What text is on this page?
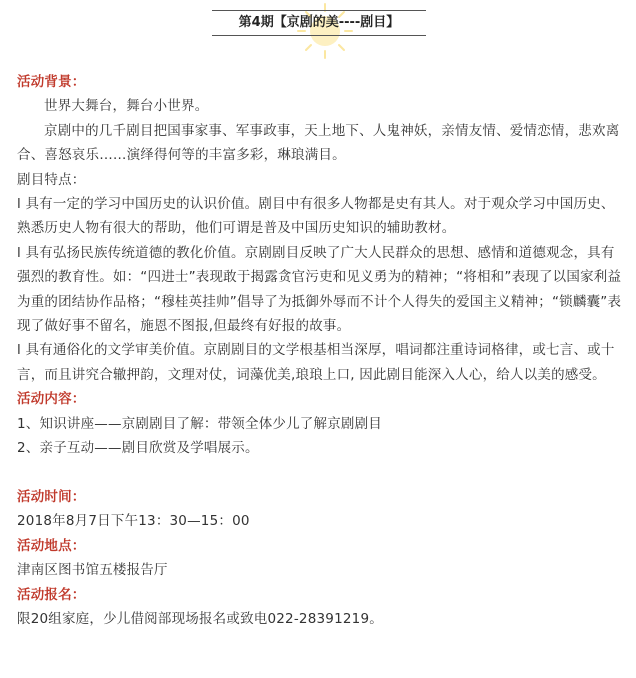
第4期【京剧的美----剧目】

活动背景：

世界大舞台，舞台小世界。

京剧中的几千剧目把国事家事、军事政事，天上地下、人鬼神妖，亲情友情、爱情恋情，悲欢离合、喜怒哀乐……演绎得何等的丰富多彩，琳琅满目。

剧目特点：

l 具有一定的学习中国历史的认识价值。剧目中有很多人物都是史有其人。对于观众学习中国历史、熟悉历史人物有很大的帮助，他们可谓是普及中国历史知识的辅助教材。

l 具有弘扬民族传统道德的教化价值。京剧剧目反映了广大人民群众的思想、感情和道德观念，具有强烈的教育性。如：“四进士”表现敢于揭露贪官污吏和见义勇为的精神；“将相和”表现了以国家利益为重的团结协作品格；“穆桂英挂帅”倡导了为抵御外辱而不计个人得失的爱国主义精神；“锁麟囊”表现了做好事不留名，施恩不图报,但最终有好报的故事。

l 具有通俗化的文学审美价值。京剧剧目的文学根基相当深厚，唱词都注重诗词格律，或七言、或十言，而且讲究合辙押韵，文理对仗，词藻优美,琅琅上口, 因此剧目能深入人心，给人以美的感受。

活动内容：

1、知识讲座——京剧剧目了解：带领全体少儿了解京剧剧目

2、亲子互动——剧目欣赏及学唱展示。

活动时间：

2018年8月7日下午13：30—15：00

活动地点：

津南区图书馆五楼报告厅

活动报名：

限20组家庭，少儿借阅部现场报名或致电022-28391219。
